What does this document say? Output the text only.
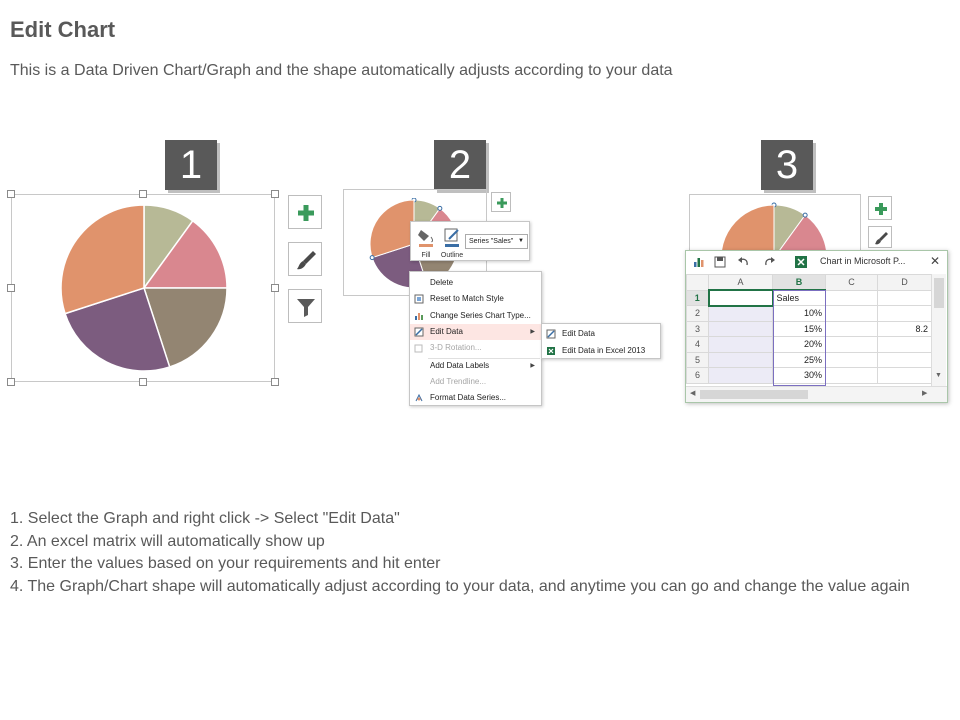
Edit Chart
This is a Data Driven Chart/Graph and the shape automatically adjusts according to your data
1	2	3
Fill	Outline
Series "Sales" ▼
Delete
Reset to Match Style
Change Series Chart Type...
Edit Data	▶
3-D Rotation...
Add Data Labels	▶
Add Trendline...
Format Data Series...
Edit Data
Edit Data in Excel 2013
Chart in Microsoft P... ✕
	A	B	C	D
1		Sales		
2		10%		
3		15%		8.2
4		20%		
5		25%		
6		30%			▼
◀	▶
1. Select the Graph and right click -> Select "Edit Data"
2. An excel matrix will automatically show up
3. Enter the values based on your requirements and hit enter
4. The Graph/Chart shape will automatically adjust according to your data, and anytime you can go and change the value again
